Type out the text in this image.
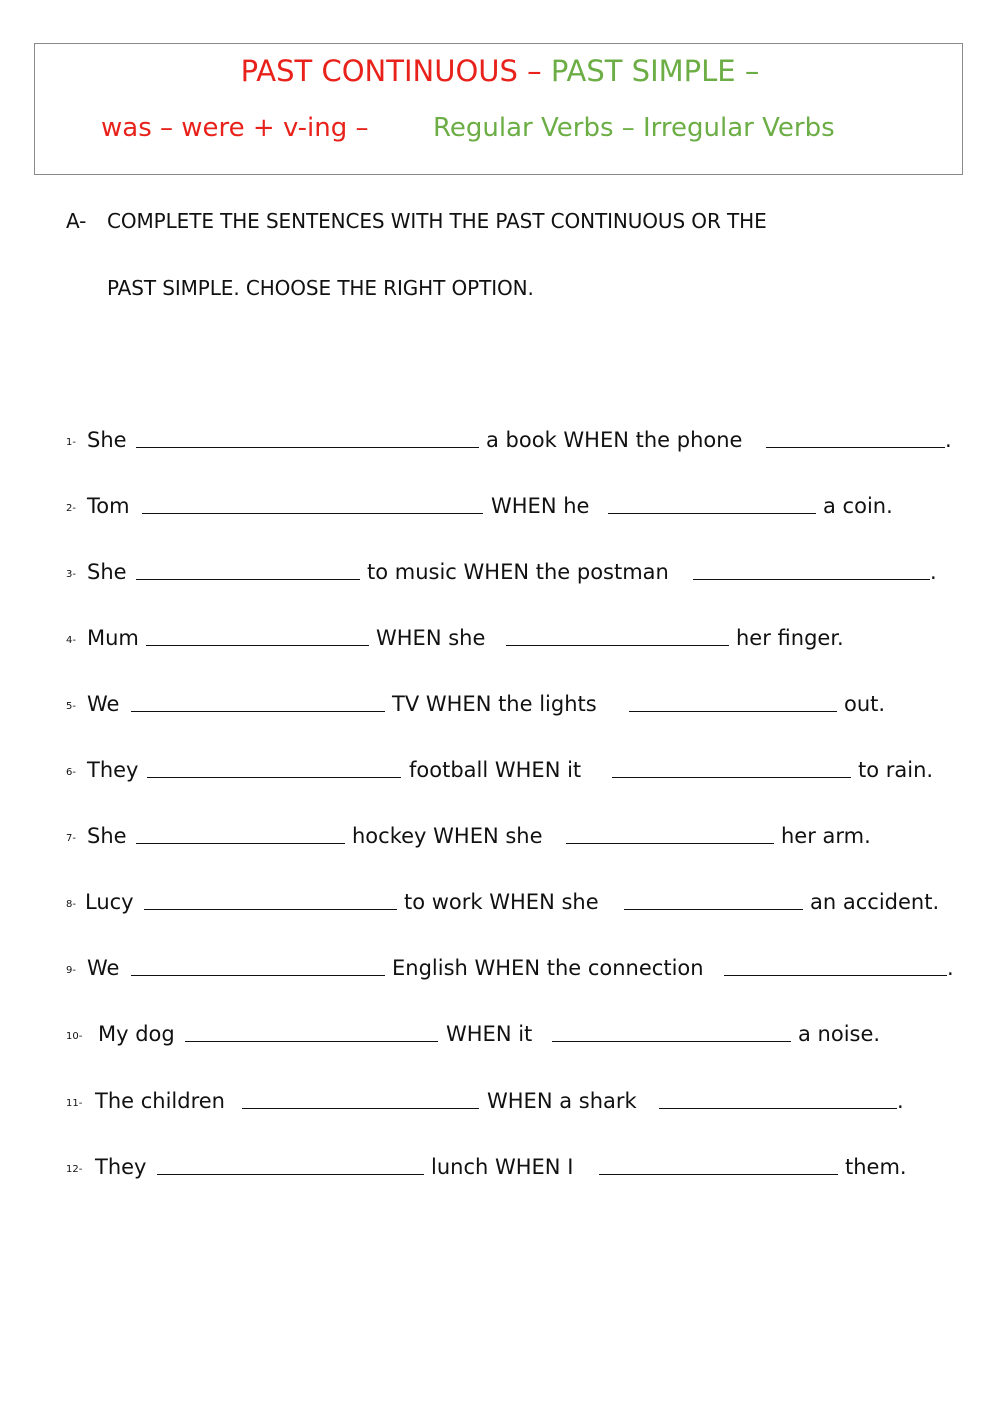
PAST CONTINUOUS – PAST SIMPLE –
was – were + v-ing – Regular Verbs – Irregular Verbs
A- COMPLETE THE SENTENCES WITH THE PAST CONTINUOUS OR THE
PAST SIMPLE. CHOOSE THE RIGHT OPTION.
1- She	a book WHEN the phone	.
2- Tom	WHEN he	a coin.
3- She	to music WHEN the postman	.
4- Mum	WHEN she	her finger.
5- We	TV WHEN the lights	out.
6- They	football WHEN it	to rain.
7- She	hockey WHEN she	her arm.
8- Lucy	to work WHEN she	an accident.
9- We	English WHEN the connection	.
10- My dog	WHEN it	a noise.
11- The children	WHEN a shark	.
12- They	lunch WHEN I	them.
